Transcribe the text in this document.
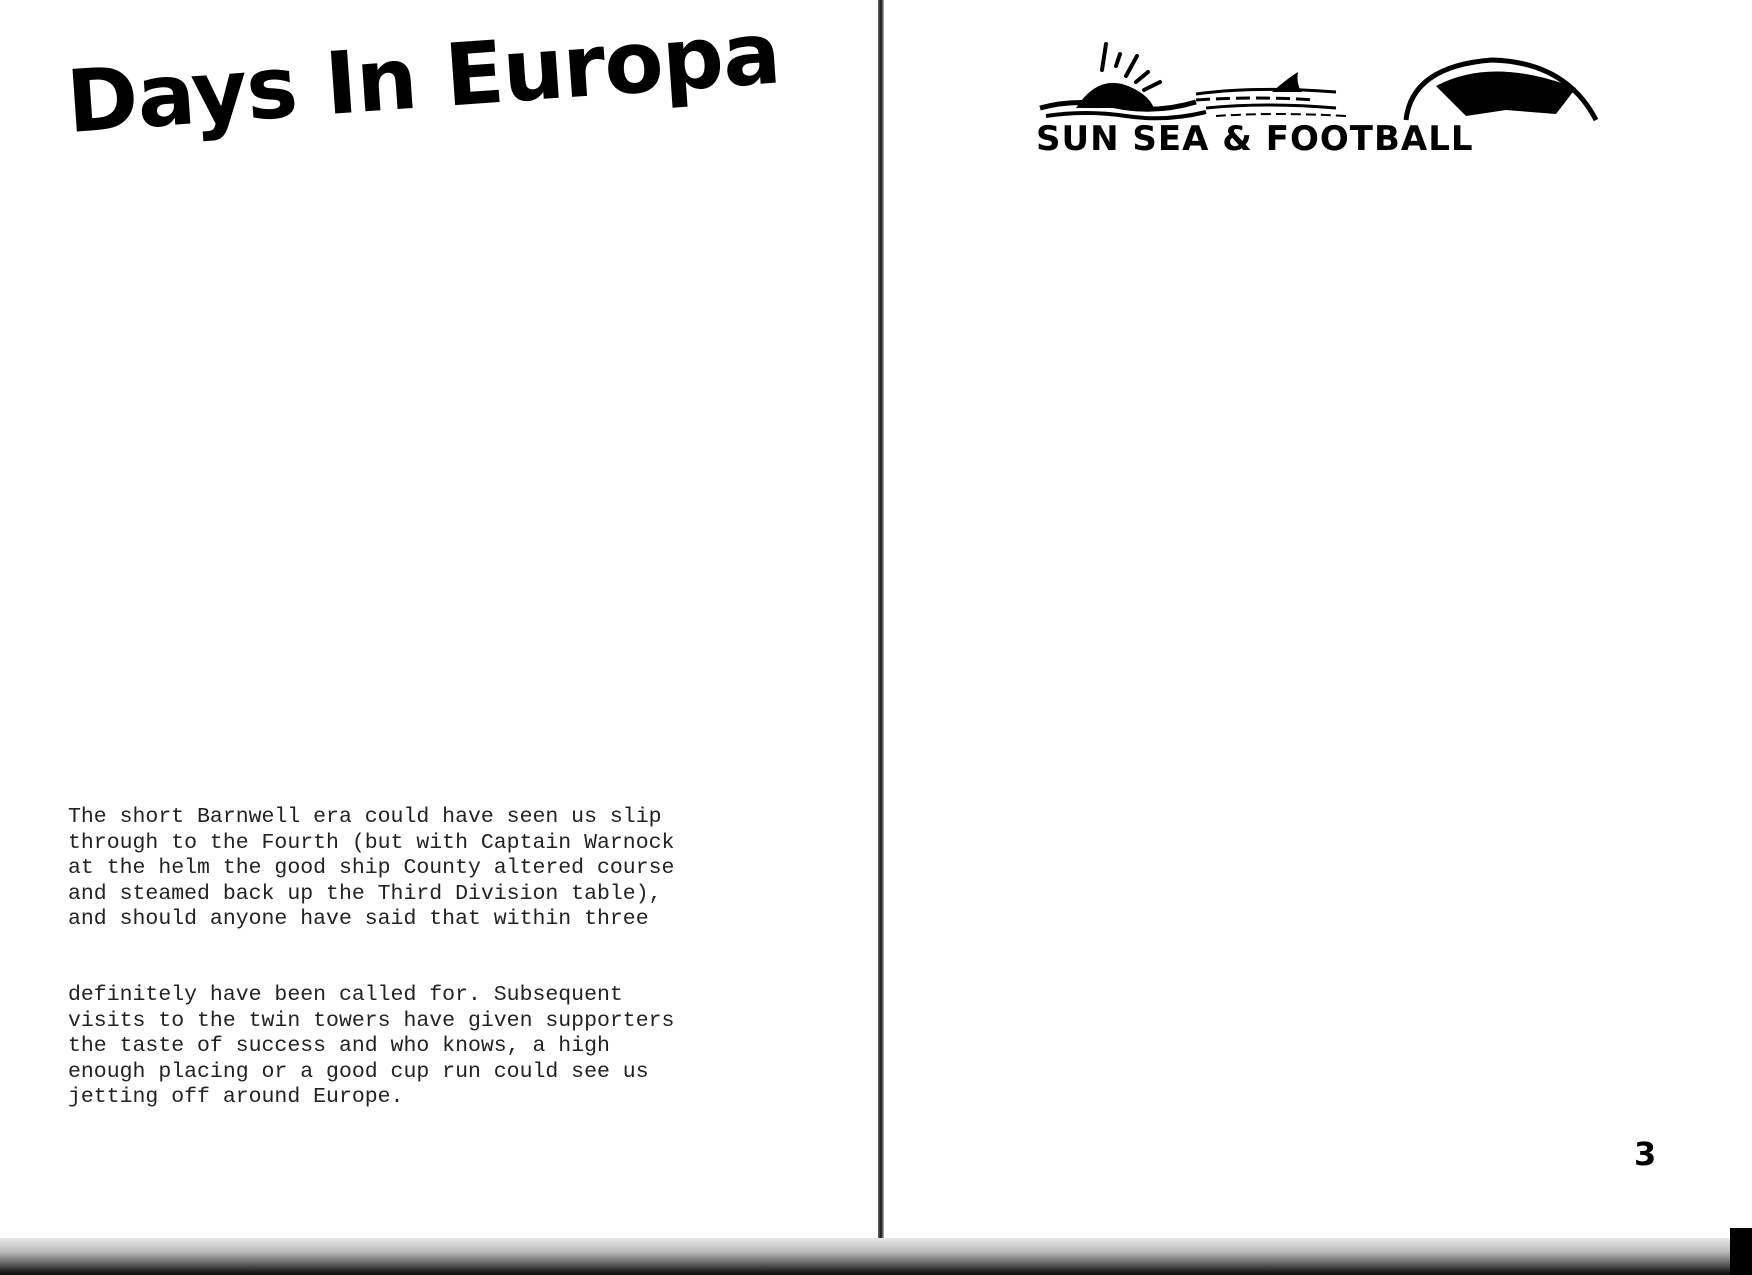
Days In Europa

The short Barnwell era could have seen us slip
through to the Fourth (but with Captain Warnock
at the helm the good ship County altered course
and steamed back up the Third Division table),
and should anyone have said that within three

definitely have been called for. Subsequent
visits to the twin towers have given supporters
the taste of success and who knows, a high
enough placing or a good cup run could see us
jetting off around Europe.

SUN SEA & FOOTBALL

3
